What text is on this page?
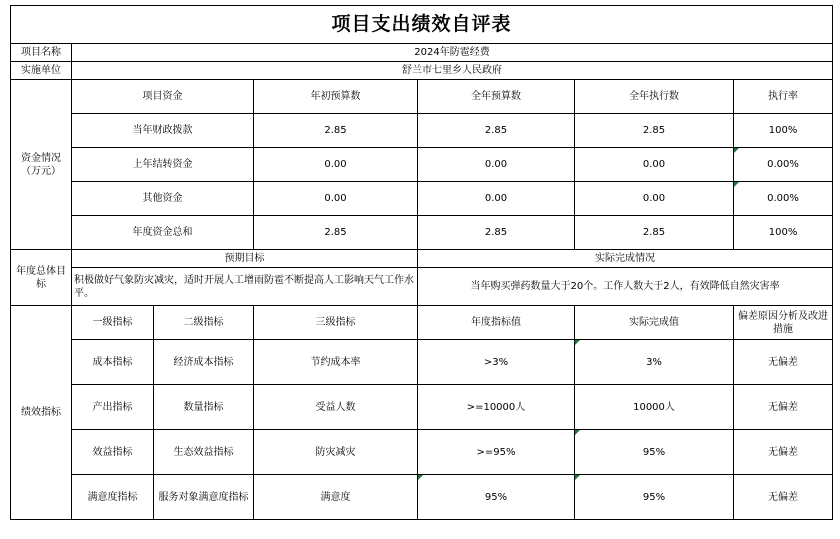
项目支出绩效自评表						
项目名称	2024年防雹经费					
实施单位	舒兰市七里乡人民政府					
资金情况（万元）	项目资金		年初预算数	全年预算数	全年执行数	执行率
	当年财政拨款		2.85	2.85	2.85	100%
	上年结转资金		0.00	0.00	0.00	0.00%
	其他资金		0.00	0.00	0.00	0.00%
	年度资金总和		2.85	2.85	2.85	100%
年度总体目标	预期目标			实际完成情况		
	积极做好气象防灾减灾，适时开展人工增雨防雹不断提高人工影响天气工作水平。			当年购买弹药数量大于20个。工作人数大于2人，有效降低自然灾害率		
绩效指标	一级指标	二级指标	三级指标	年度指标值	实际完成值	偏差原因分析及改进措施
	成本指标	经济成本指标	节约成本率	>3%	3%	无偏差
	产出指标	数量指标	受益人数	>=10000人	10000人	无偏差
	效益指标	生态效益指标	防灾减灾	>=95%	95%	无偏差
	满意度指标	服务对象满意度指标	满意度	95%	95%	无偏差
